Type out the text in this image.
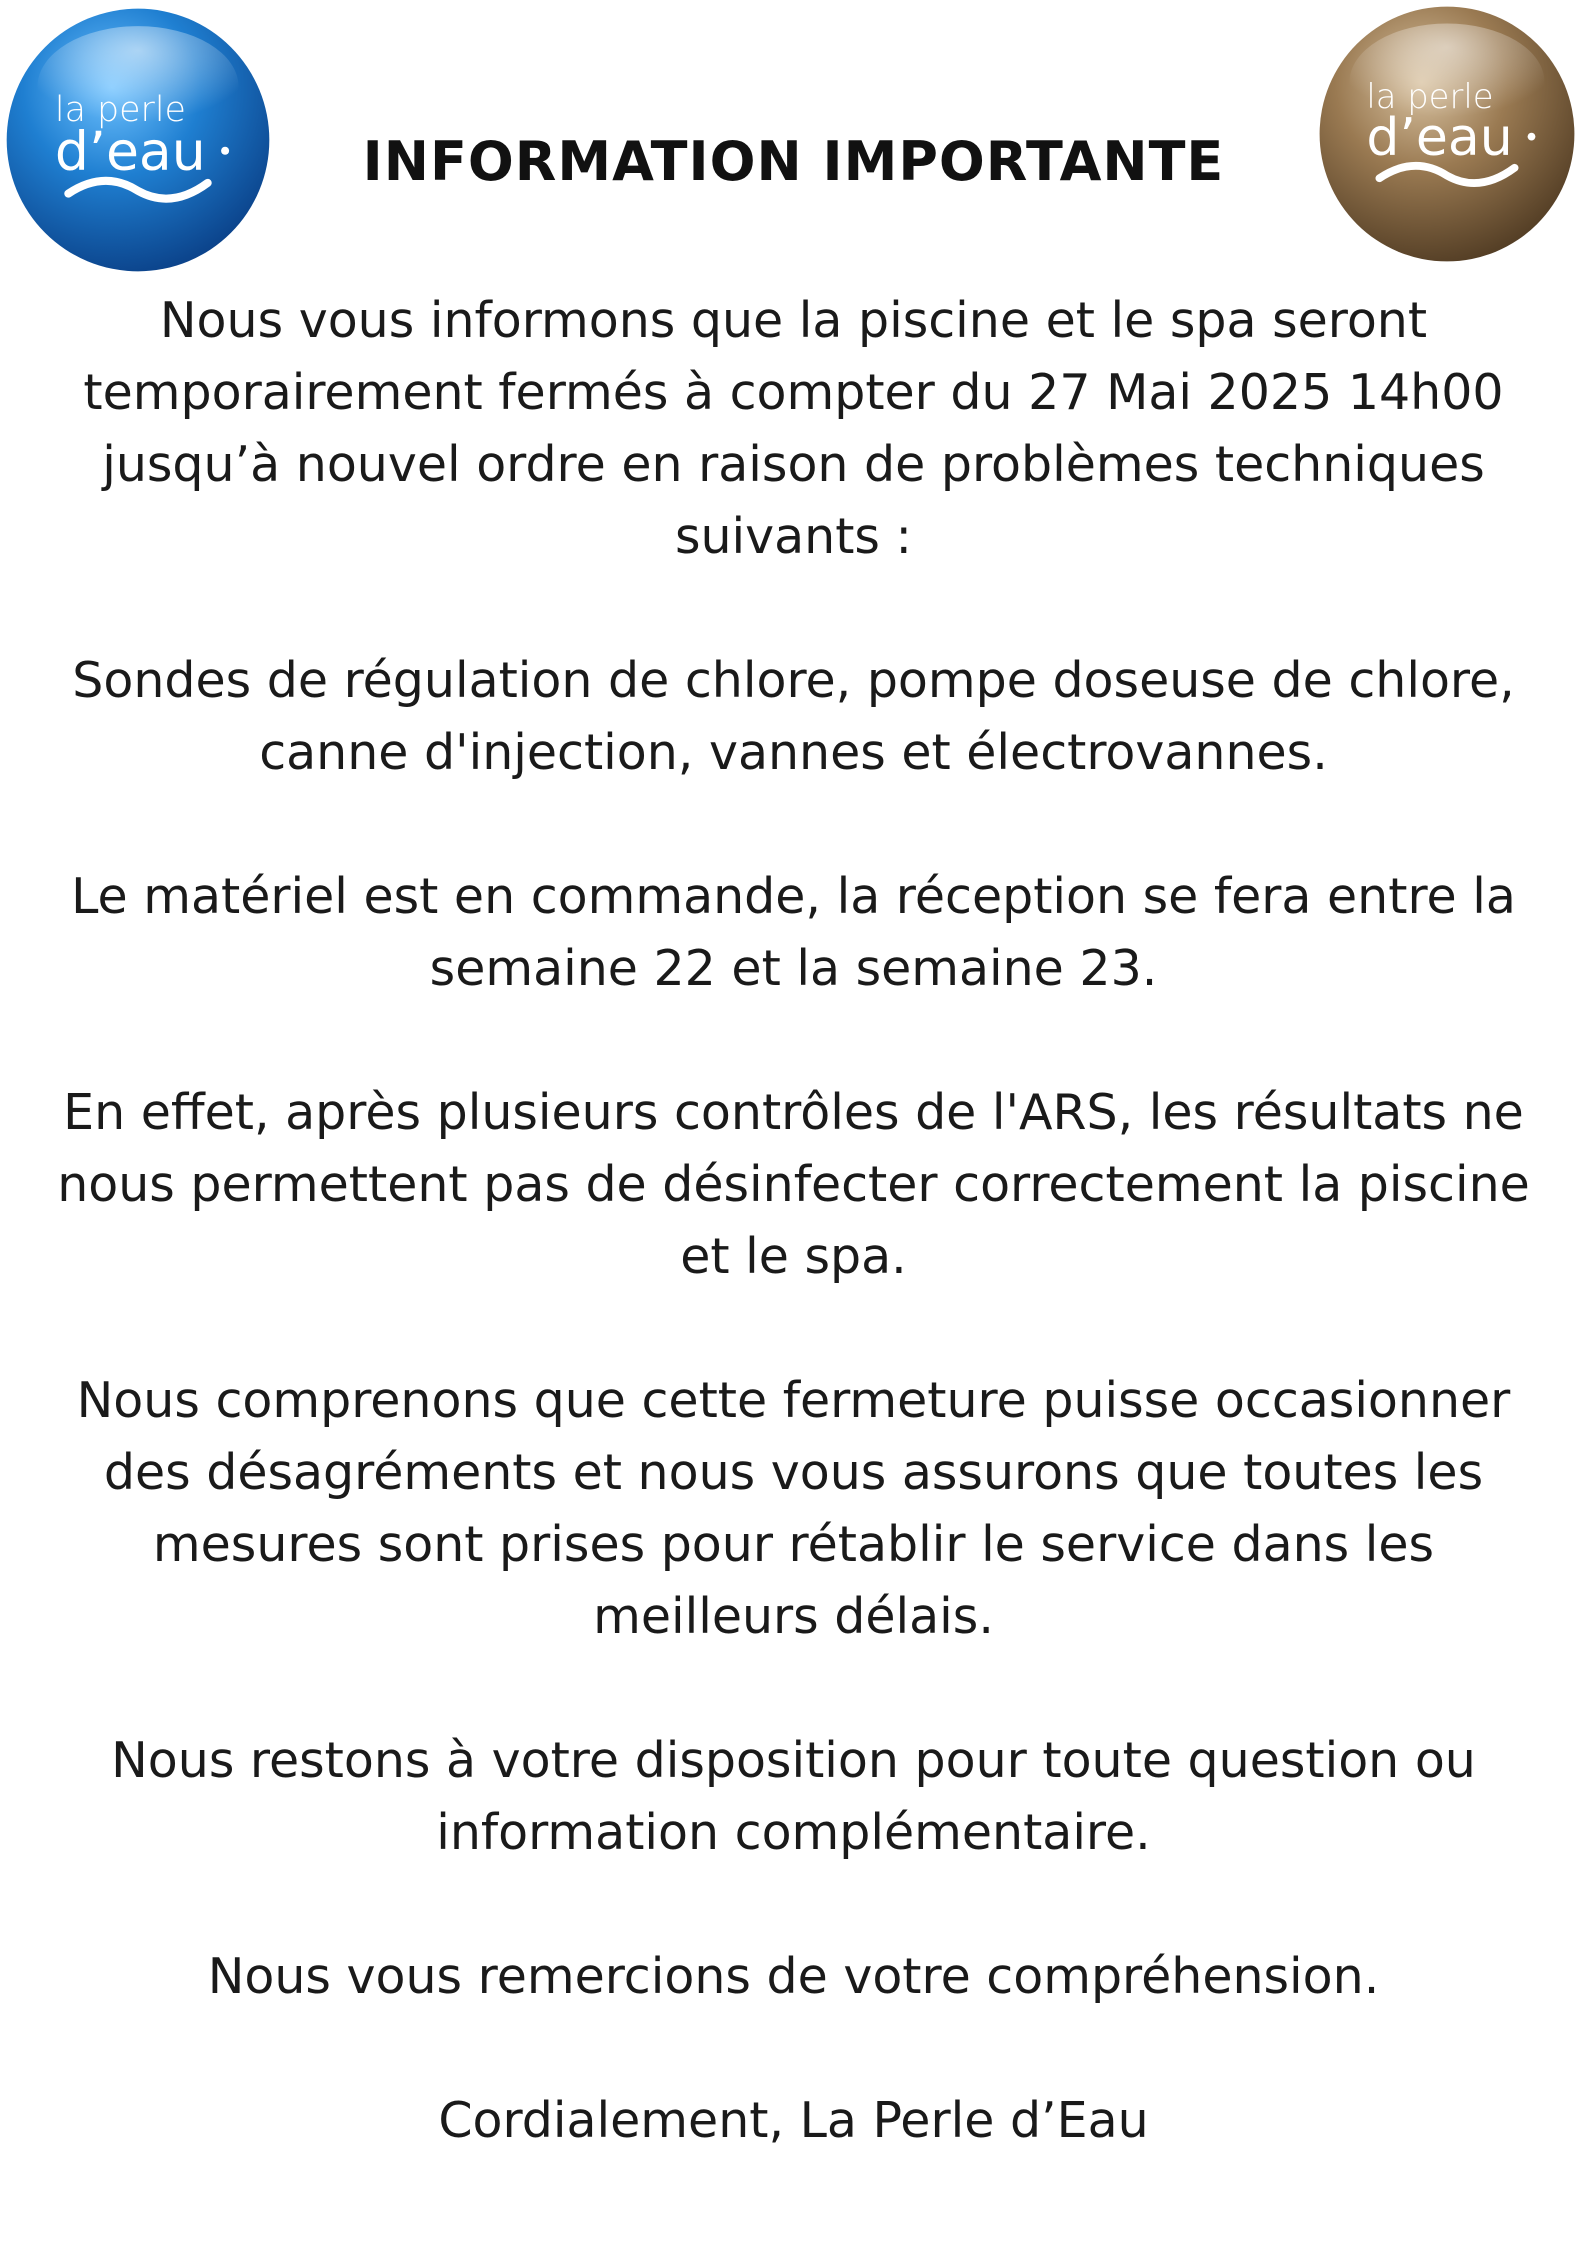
la perle
d’eau
la perle
d’eau
INFORMATION IMPORTANTE

Nous vous informons que la piscine et le spa seront temporairement fermés à compter du 27 Mai 2025 14h00 jusqu’à nouvel ordre en raison de problèmes techniques suivants :

Sondes de régulation de chlore, pompe doseuse de chlore, canne d'injection, vannes et électrovannes.

Le matériel est en commande, la réception se fera entre la semaine 22 et la semaine 23.

En effet, après plusieurs contrôles de l'ARS, les résultats ne nous permettent pas de désinfecter correctement la piscine et le spa.

Nous comprenons que cette fermeture puisse occasionner des désagréments et nous vous assurons que toutes les mesures sont prises pour rétablir le service dans les meilleurs délais.

Nous restons à votre disposition pour toute question ou information complémentaire.

Nous vous remercions de votre compréhension.

Cordialement, La Perle d’Eau
